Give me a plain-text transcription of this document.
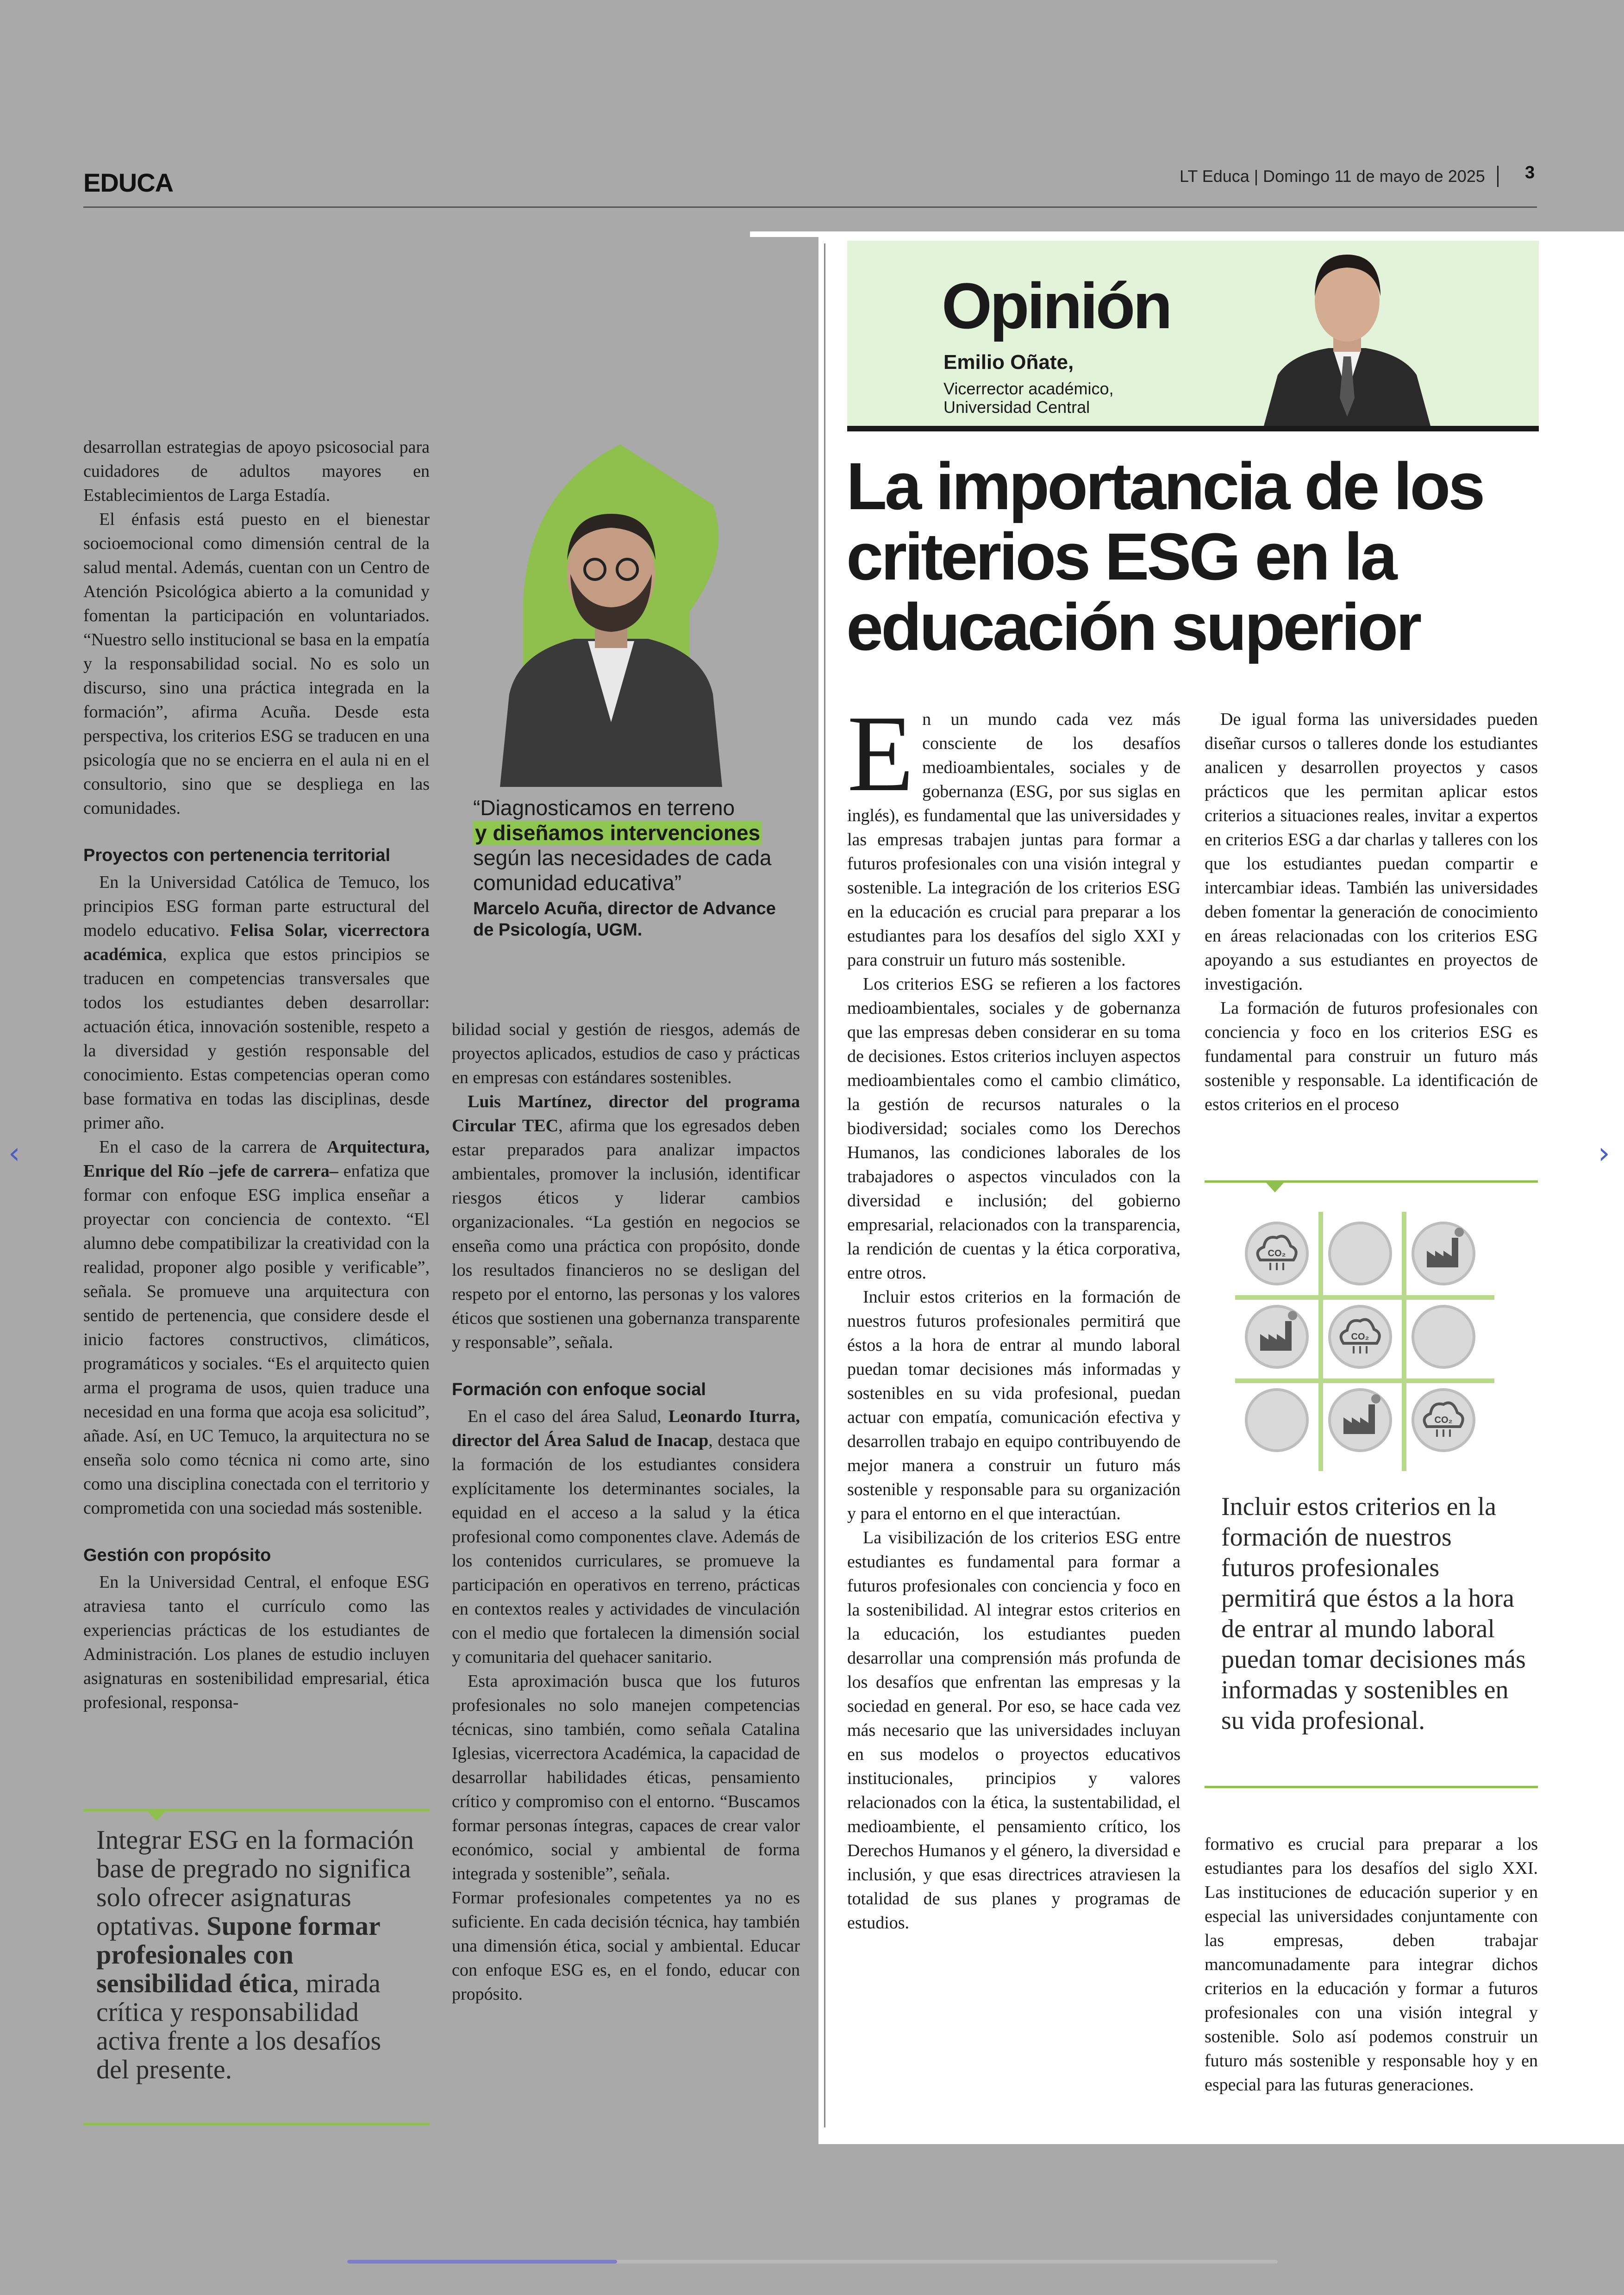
EDUCA	LT Educa | Domingo 11 de mayo de 2025 3

desarrollan estrategias de apoyo psicosocial para cuidadores de adultos mayores en Establecimientos de Larga Estadía.

El énfasis está puesto en el bienestar socioemocional como dimensión central de la salud mental. Además, cuentan con un Centro de Atención Psicológica abierto a la comunidad y fomentan la participación en voluntariados. “Nuestro sello institucional se basa en la empatía y la responsabilidad social. No es solo un discurso, sino una práctica integrada en la formación”, afirma Acuña. Desde esta perspectiva, los criterios ESG se traducen en una psicología que no se encierra en el aula ni en el consultorio, sino que se despliega en las comunidades.

Proyectos con pertenencia territorial

En la Universidad Católica de Temuco, los principios ESG forman parte estructural del modelo educativo. Felisa Solar, vicerrectora académica, explica que estos principios se traducen en competencias transversales que todos los estudiantes deben desarrollar: actuación ética, innovación sostenible, respeto a la diversidad y gestión responsable del conocimiento. Estas competencias operan como base formativa en todas las disciplinas, desde primer año.

En el caso de la carrera de Arquitectura, Enrique del Río –jefe de carrera– enfatiza que formar con enfoque ESG implica enseñar a proyectar con conciencia de contexto. “El alumno debe compatibilizar la creatividad con la realidad, proponer algo posible y verificable”, señala. Se promueve una arquitectura con sentido de pertenencia, que considere desde el inicio factores constructivos, climáticos, programáticos y sociales. “Es el arquitecto quien arma el programa de usos, quien traduce una necesidad en una forma que acoja esa solicitud”, añade. Así, en UC Temuco, la arquitectura no se enseña solo como técnica ni como arte, sino como una disciplina conectada con el territorio y comprometida con una sociedad más sostenible.

Gestión con propósito

En la Universidad Central, el enfoque ESG atraviesa tanto el currículo como las experiencias prácticas de los estudiantes de Administración. Los planes de estudio incluyen asignaturas en sostenibilidad empresarial, ética profesional, responsa-

“Diagnosticamos en terreno
y diseñamos intervenciones
según las necesidades de cada comunidad educativa”
Marcelo Acuña, director de Advance de Psicología, UGM.

bilidad social y gestión de riesgos, además de proyectos aplicados, estudios de caso y prácticas en empresas con estándares sostenibles.

Luis Martínez, director del programa Circular TEC, afirma que los egresados deben estar preparados para analizar impactos ambientales, promover la inclusión, identificar riesgos éticos y liderar cambios organizacionales. “La gestión en negocios se enseña como una práctica con propósito, donde los resultados financieros no se desligan del respeto por el entorno, las personas y los valores éticos que sostienen una gobernanza transparente y responsable”, señala.

Formación con enfoque social

En el caso del área Salud, Leonardo Iturra, director del Área Salud de Inacap, destaca que la formación de los estudiantes considera explícitamente los determinantes sociales, la equidad en el acceso a la salud y la ética profesional como componentes clave. Además de los contenidos curriculares, se promueve la participación en operativos en terreno, prácticas en contextos reales y actividades de vinculación con el medio que fortalecen la dimensión social y comunitaria del quehacer sanitario.

Esta aproximación busca que los futuros profesionales no solo manejen competencias técnicas, sino también, como señala Catalina Iglesias, vicerrectora Académica, la capacidad de desarrollar habilidades éticas, pensamiento crítico y compromiso con el entorno. “Buscamos formar personas íntegras, capaces de crear valor económico, social y ambiental de forma integrada y sostenible”, señala.

Formar profesionales competentes ya no es suficiente. En cada decisión técnica, hay también una dimensión ética, social y ambiental. Educar con enfoque ESG es, en el fondo, educar con propósito.

Integrar ESG en la formación base de pregrado no significa solo ofrecer asignaturas optativas. Supone formar profesionales con sensibilidad ética, mirada crítica y responsabilidad activa frente a los desafíos del presente.
Opinión
Emilio Oñate,
Vicerrector académico,
Universidad Central
La importancia de los criterios ESG en la educación superior

En un mundo cada vez más consciente de los desafíos medioambientales, sociales y de gobernanza (ESG, por sus siglas en inglés), es fundamental que las universidades y las empresas trabajen juntas para formar a futuros profesionales con una visión integral y sostenible. La integración de los criterios ESG en la educación es crucial para preparar a los estudiantes para los desafíos del siglo XXI y para construir un futuro más sostenible.

Los criterios ESG se refieren a los factores medioambientales, sociales y de gobernanza que las empresas deben considerar en su toma de decisiones. Estos criterios incluyen aspectos medioambientales como el cambio climático, la gestión de recursos naturales o la biodiversidad; sociales como los Derechos Humanos, las condiciones laborales de los trabajadores o aspectos vinculados con la diversidad e inclusión; del gobierno empresarial, relacionados con la transparencia, la rendición de cuentas y la ética corporativa, entre otros.

Incluir estos criterios en la formación de nuestros futuros profesionales permitirá que éstos a la hora de entrar al mundo laboral puedan tomar decisiones más informadas y sostenibles en su vida profesional, puedan actuar con empatía, comunicación efectiva y desarrollen trabajo en equipo contribuyendo de mejor manera a construir un futuro más sostenible y responsable para su organización y para el entorno en el que interactúan.

La visibilización de los criterios ESG entre estudiantes es fundamental para formar a futuros profesionales con conciencia y foco en la sostenibilidad. Al integrar estos criterios en la educación, los estudiantes pueden desarrollar una comprensión más profunda de los desafíos que enfrentan las empresas y la sociedad en general. Por eso, se hace cada vez más necesario que las universidades incluyan en sus modelos o proyectos educativos institucionales, principios y valores relacionados con la ética, la sustentabilidad, el medioambiente, el pensamiento crítico, los Derechos Humanos y el género, la diversidad e inclusión, y que esas directrices atraviesen la totalidad de sus planes y programas de estudios.

De igual forma las universidades pueden diseñar cursos o talleres donde los estudiantes analicen y desarrollen proyectos y casos prácticos que les permitan aplicar estos criterios a situaciones reales, invitar a expertos en criterios ESG a dar charlas y talleres con los que los estudiantes puedan compartir e intercambiar ideas. También las universidades deben fomentar la generación de conocimiento en áreas relacionadas con los criterios ESG apoyando a sus estudiantes en proyectos de investigación.

La formación de futuros profesionales con conciencia y foco en los criterios ESG es fundamental para construir un futuro más sostenible y responsable. La identificación de estos criterios en el proceso

CO₂
CO₂
CO₂
Incluir estos criterios en la formación de nuestros futuros profesionales permitirá que éstos a la hora de entrar al mundo laboral puedan tomar decisiones más informadas y sostenibles en su vida profesional.

formativo es crucial para preparar a los estudiantes para los desafíos del siglo XXI. Las instituciones de educación superior y en especial las universidades conjuntamente con las empresas, deben trabajar mancomunadamente para integrar dichos criterios en la educación y formar a futuros profesionales con una visión integral y sostenible. Solo así podemos construir un futuro más sostenible y responsable hoy y en especial para las futuras generaciones.

‹	›
